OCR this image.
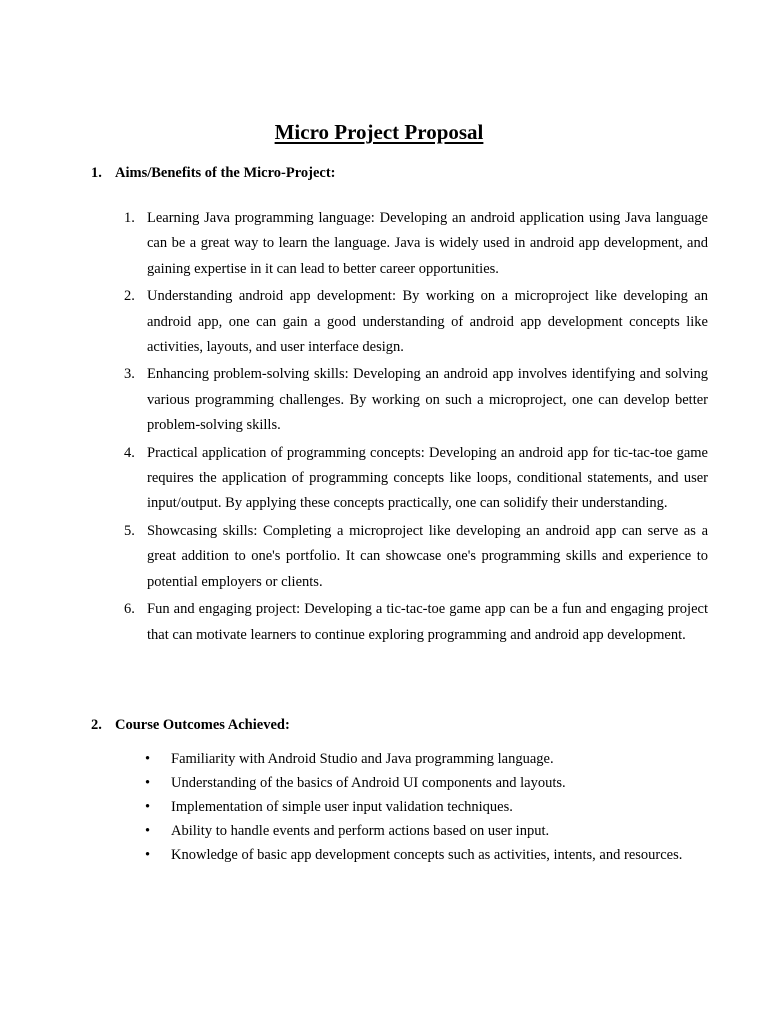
Micro Project Proposal
1. Aims/Benefits of the Micro-Project:
1. Learning Java programming language: Developing an android application using Java language can be a great way to learn the language. Java is widely used in android app development, and gaining expertise in it can lead to better career opportunities.
2. Understanding android app development: By working on a microproject like developing an android app, one can gain a good understanding of android app development concepts like activities, layouts, and user interface design.
3. Enhancing problem-solving skills: Developing an android app involves identifying and solving various programming challenges. By working on such a microproject, one can develop better problem-solving skills.
4. Practical application of programming concepts: Developing an android app for tic-tac-toe game requires the application of programming concepts like loops, conditional statements, and user input/output. By applying these concepts practically, one can solidify their understanding.
5. Showcasing skills: Completing a microproject like developing an android app can serve as a great addition to one's portfolio. It can showcase one's programming skills and experience to potential employers or clients.
6. Fun and engaging project: Developing a tic-tac-toe game app can be a fun and engaging project that can motivate learners to continue exploring programming and android app development.
2. Course Outcomes Achieved:
• Familiarity with Android Studio and Java programming language.
• Understanding of the basics of Android UI components and layouts.
• Implementation of simple user input validation techniques.
• Ability to handle events and perform actions based on user input.
• Knowledge of basic app development concepts such as activities, intents, and resources.
